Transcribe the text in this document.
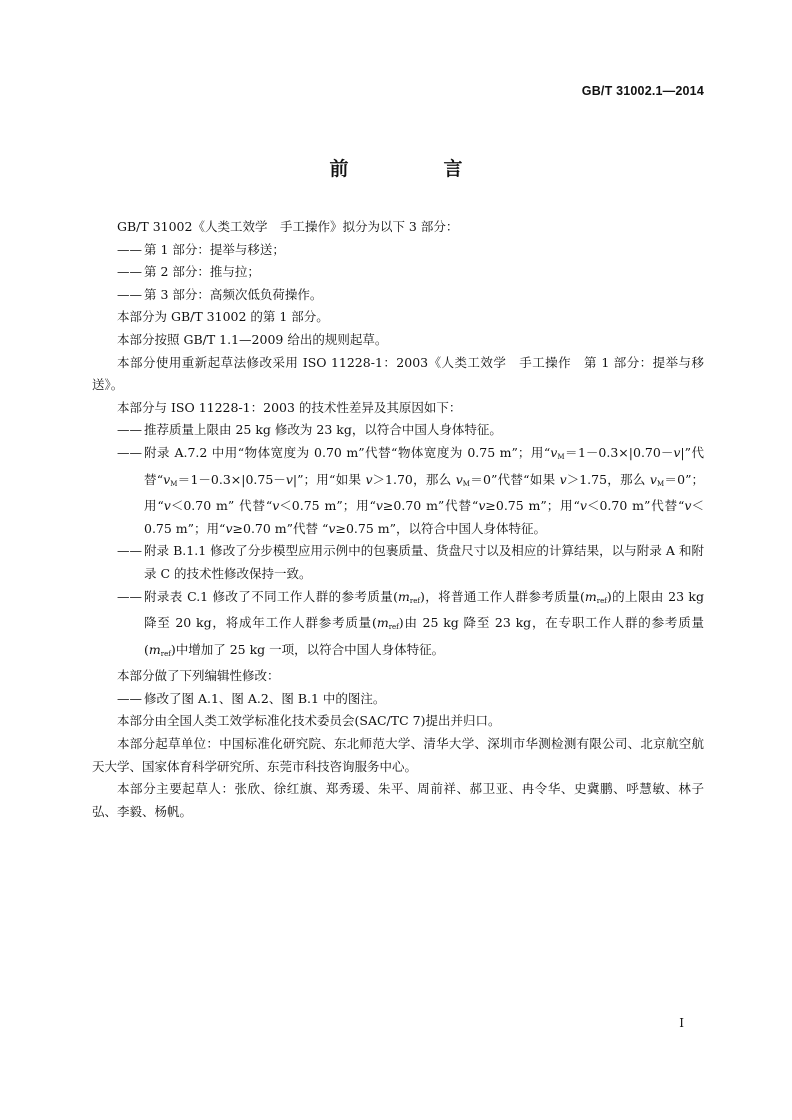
GB/T 31002.1—2014
前　言

GB/T 31002《人类工效学　手工操作》拟分为以下 3 部分：

—— 第 1 部分：提举与移送；

—— 第 2 部分：推与拉；

—— 第 3 部分：高频次低负荷操作。

本部分为 GB/T 31002 的第 1 部分。

本部分按照 GB/T 1.1—2009 给出的规则起草。

本部分使用重新起草法修改采用 ISO 11228-1：2003《人类工效学　手工操作　第 1 部分：提举与移送》。

本部分与 ISO 11228-1：2003 的技术性差异及其原因如下：

—— 推荐质量上限由 25 kg 修改为 23 kg，以符合中国人身体特征。

—— 附录 A.7.2 中用“物体宽度为 0.70 m”代替“物体宽度为 0.75 m”；用“$v_M=1-0.3\times|0.70-v|$”代替“$v_M=1-0.3\times|0.75-v|$”；用“如果 v＞1.70，那么 $v_M=0$”代替“如果 v＞1.75，那么 $v_M=0$”；用“v＜0.70 m” 代替“v＜0.75 m”；用“v≥0.70 m”代替“v≥0.75 m”；用“v＜0.70 m”代替“v＜0.75 m”；用“v≥0.70 m”代替 “v≥0.75 m”，以符合中国人身体特征。

—— 附录 B.1.1 修改了分步模型应用示例中的包裹质量、货盘尺寸以及相应的计算结果，以与附录 A 和附录 C 的技术性修改保持一致。

—— 附录表 C.1 修改了不同工作人群的参考质量$(m_{ref})$，将普通工作人群参考质量$(m_{ref})$的上限由 23 kg 降至 20 kg，将成年工作人群参考质量$(m_{ref})$由 25 kg 降至 23 kg，在专职工作人群的参考质量$(m_{ref})$中增加了 25 kg 一项，以符合中国人身体特征。

本部分做了下列编辑性修改：

—— 修改了图 A.1、图 A.2、图 B.1 中的图注。

本部分由全国人类工效学标准化技术委员会(SAC/TC 7)提出并归口。

本部分起草单位：中国标准化研究院、东北师范大学、清华大学、深圳市华测检测有限公司、北京航空航天大学、国家体育科学研究所、东莞市科技咨询服务中心。

本部分主要起草人：张欣、徐红旗、郑秀瑗、朱平、周前祥、郝卫亚、冉令华、史冀鹏、呼慧敏、林子弘、李毅、杨帆。

I
